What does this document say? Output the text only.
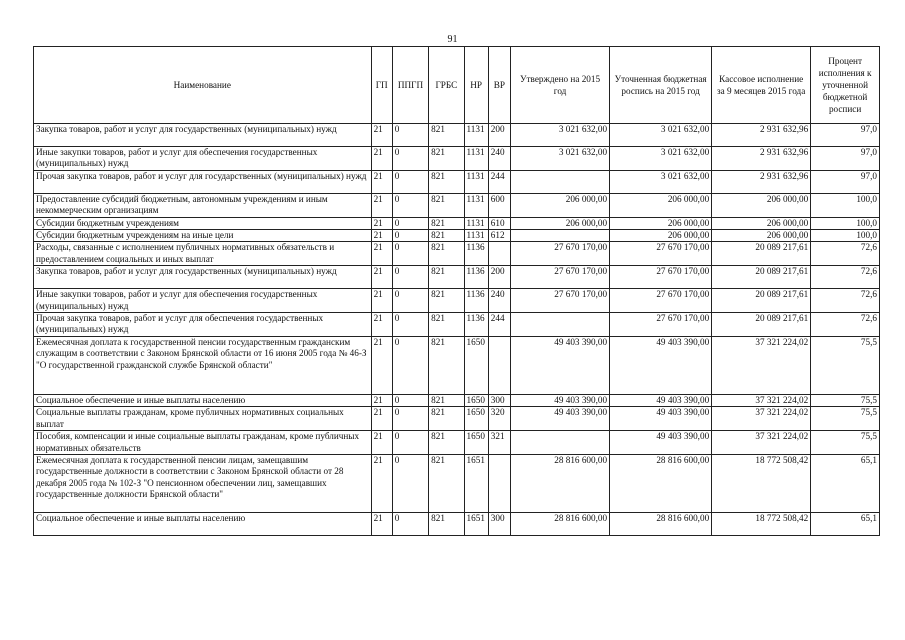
91
Наименование	ГП	ППГП	ГРБС	НР	ВР	Утверждено на 2015 год	Уточненная бюджетная роспись на 2015 год	Кассовое исполнение за 9 месяцев 2015 года	Процент исполнения к уточненной бюджетной росписи
Закупка товаров, работ и услуг для государственных (муниципальных) нужд	21	0	821	1131	200	3 021 632,00	3 021 632,00	2 931 632,96	97,0
Иные закупки товаров, работ и услуг для обеспечения государственных (муниципальных) нужд	21	0	821	1131	240	3 021 632,00	3 021 632,00	2 931 632,96	97,0
Прочая закупка товаров, работ и услуг для государственных (муниципальных) нужд	21	0	821	1131	244		3 021 632,00	2 931 632,96	97,0
Предоставление субсидий бюджетным, автономным учреждениям и иным некоммерческим организациям	21	0	821	1131	600	206 000,00	206 000,00	206 000,00	100,0
Субсидии бюджетным учреждениям	21	0	821	1131	610	206 000,00	206 000,00	206 000,00	100,0
Субсидии бюджетным учреждениям на иные цели	21	0	821	1131	612		206 000,00	206 000,00	100,0
Расходы, связанные с исполнением публичных нормативных обязательств и предоставлением социальных и иных выплат	21	0	821	1136		27 670 170,00	27 670 170,00	20 089 217,61	72,6
Закупка товаров, работ и услуг для государственных (муниципальных) нужд	21	0	821	1136	200	27 670 170,00	27 670 170,00	20 089 217,61	72,6
Иные закупки товаров, работ и услуг для обеспечения государственных (муниципальных) нужд	21	0	821	1136	240	27 670 170,00	27 670 170,00	20 089 217,61	72,6
Прочая закупка товаров, работ и услуг для обеспечения государственных (муниципальных) нужд	21	0	821	1136	244		27 670 170,00	20 089 217,61	72,6
Ежемесячная доплата к государственной пенсии государственным гражданским служащим в соответствии с Законом Брянской области от 16 июня 2005 года № 46-З "О государственной гражданской службе Брянской области"	21	0	821	1650		49 403 390,00	49 403 390,00	37 321 224,02	75,5
Социальное обеспечение и иные выплаты населению	21	0	821	1650	300	49 403 390,00	49 403 390,00	37 321 224,02	75,5
Социальные выплаты гражданам, кроме публичных нормативных социальных выплат	21	0	821	1650	320	49 403 390,00	49 403 390,00	37 321 224,02	75,5
Пособия, компенсации и иные социальные выплаты гражданам, кроме публичных нормативных обязательств	21	0	821	1650	321		49 403 390,00	37 321 224,02	75,5
Ежемесячная доплата к государственной пенсии лицам, замещавшим государственные должности в соответствии с Законом Брянской области от 28 декабря 2005 года № 102-З "О пенсионном обеспечении лиц, замещавших государственные должности Брянской области"	21	0	821	1651		28 816 600,00	28 816 600,00	18 772 508,42	65,1
Социальное обеспечение и иные выплаты населению	21	0	821	1651	300	28 816 600,00	28 816 600,00	18 772 508,42	65,1
